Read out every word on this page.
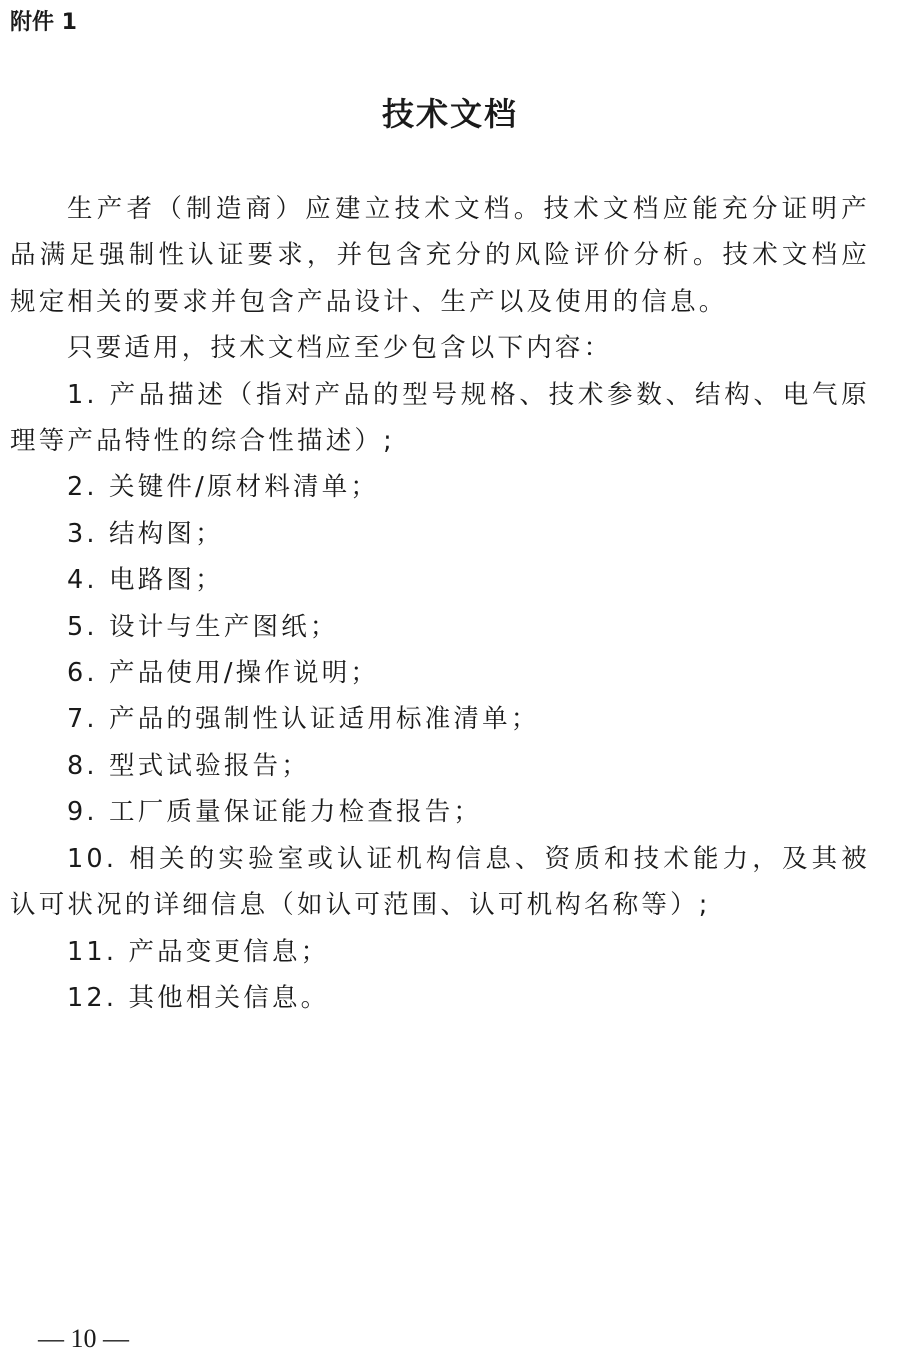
附件 1
技术文档

生产者（制造商）应建立技术文档。技术文档应能充分证明产品满足强制性认证要求，并包含充分的风险评价分析。技术文档应规定相关的要求并包含产品设计、生产以及使用的信息。

只要适用，技术文档应至少包含以下内容：

1. 产品描述（指对产品的型号规格、技术参数、结构、电气原理等产品特性的综合性描述）;

2. 关键件/原材料清单；

3. 结构图；

4. 电路图；

5. 设计与生产图纸；

6. 产品使用/操作说明；

7. 产品的强制性认证适用标准清单；

8. 型式试验报告；

9. 工厂质量保证能力检查报告；

10. 相关的实验室或认证机构信息、资质和技术能力，及其被认可状况的详细信息（如认可范围、认可机构名称等）;

11. 产品变更信息；

12. 其他相关信息。

— 10 —
